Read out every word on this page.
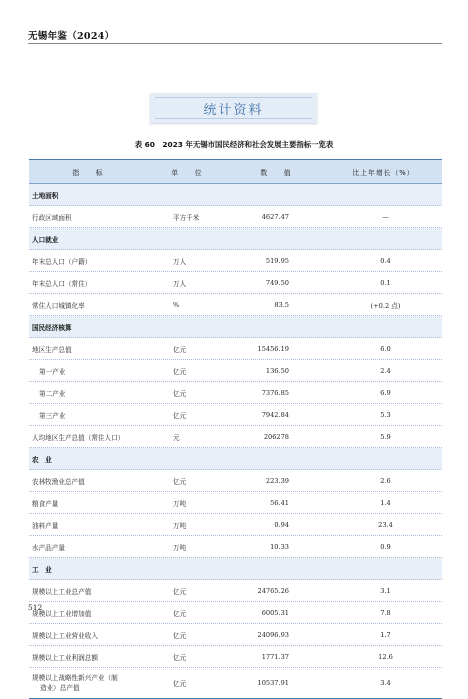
无锡年鉴（2024）
统计资料
表 60　2023 年无锡市国民经济和社会发展主要指标一览表
指　　标	单　　位	数　　值	比上年增长（%）
土地面积
行政区域面积	平方千米	4627.47	—
人口就业
年末总人口（户籍）	万人	519.95	0.4
年末总人口（常住）	万人	749.50	0.1
常住人口城镇化率	%	83.5	(+0.2 点)
国民经济核算
地区生产总值	亿元	15456.19	6.0
第一产业	亿元	136.50	2.4
第二产业	亿元	7376.85	6.9
第三产业	亿元	7942.84	5.3
人均地区生产总值（常住人口）	元	206278	5.9
农　业
农林牧渔业总产值	亿元	223.39	2.6
粮食产量	万吨	56.41	1.4
油料产量	万吨	0.94	23.4
水产品产量	万吨	10.33	0.9
工　业
规模以上工业总产值	亿元	24765.26	3.1
规模以上工业增加值	亿元	6005.31	7.8
规模以上工业营业收入	亿元	24096.93	1.7
规模以上工业利润总额	亿元	1771.37	12.6
规模以上战略性新兴产业（制
造业）总产值	亿元	10537.91	3.4
512
